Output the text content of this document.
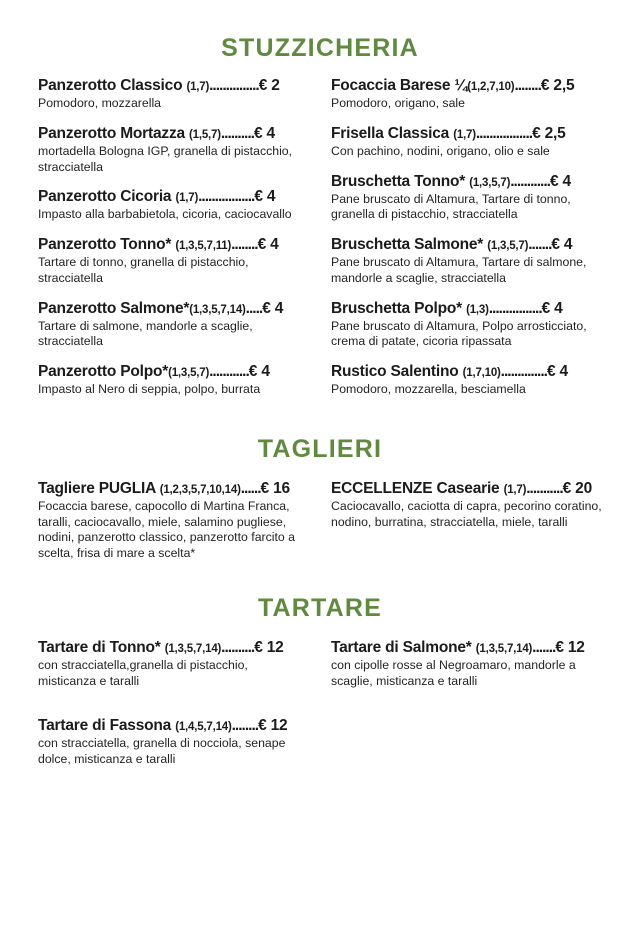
STUZZICHERIA
Panzerotto Classico (1,7)...............€ 2
Pomodoro, mozzarella
Panzerotto Mortazza (1,5,7)..........€ 4
mortadella Bologna IGP, granella di pistacchio, stracciatella
Panzerotto Cicoria (1,7).................€ 4
Impasto alla barbabietola, cicoria, caciocavallo
Panzerotto Tonno* (1,3,5,7,11)........€ 4
Tartare di tonno, granella di pistacchio, stracciatella
Panzerotto Salmone*(1,3,5,7,14).....€ 4
Tartare di salmone, mandorle a scaglie, stracciatella
Panzerotto Polpo*(1,3,5,7)............€ 4
Impasto al Nero di seppia, polpo, burrata
Focaccia Barese ¼(1,2,7,10)........€ 2,5
Pomodoro, origano, sale
Frisella Classica (1,7).................€ 2,5
Con pachino, nodini, origano, olio e sale
Bruschetta Tonno* (1,3,5,7)............€ 4
Pane bruscato di Altamura, Tartare di tonno, granella di pistacchio, stracciatella
Bruschetta Salmone* (1,3,5,7).......€ 4
Pane bruscato di Altamura, Tartare di salmone, mandorle a scaglie, stracciatella
Bruschetta Polpo* (1,3)................€ 4
Pane bruscato di Altamura, Polpo arrosticciato, crema di patate, cicoria ripassata
Rustico Salentino (1,7,10)..............€ 4
Pomodoro, mozzarella, besciamella
TAGLIERI
Tagliere PUGLIA (1,2,3,5,7,10,14)......€ 16
Focaccia barese, capocollo di Martina Franca, taralli, caciocavallo, miele, salamino pugliese, nodini, panzerotto classico, panzerotto farcito a scelta, frisa di mare a scelta*
ECCELLENZE Casearie (1,7)...........€ 20
Caciocavallo, caciotta di capra, pecorino coratino, nodino, burratina, stracciatella, miele, taralli
TARTARE
Tartare di Tonno* (1,3,5,7,14)..........€ 12
con stracciatella,granella di pistacchio, misticanza e taralli
Tartare di Fassona (1,4,5,7,14)........€ 12
con stracciatella, granella di nocciola, senape dolce, misticanza e taralli
Tartare di Salmone* (1,3,5,7,14).......€ 12
con cipolle rosse al Negroamaro, mandorle a scaglie, misticanza e taralli
